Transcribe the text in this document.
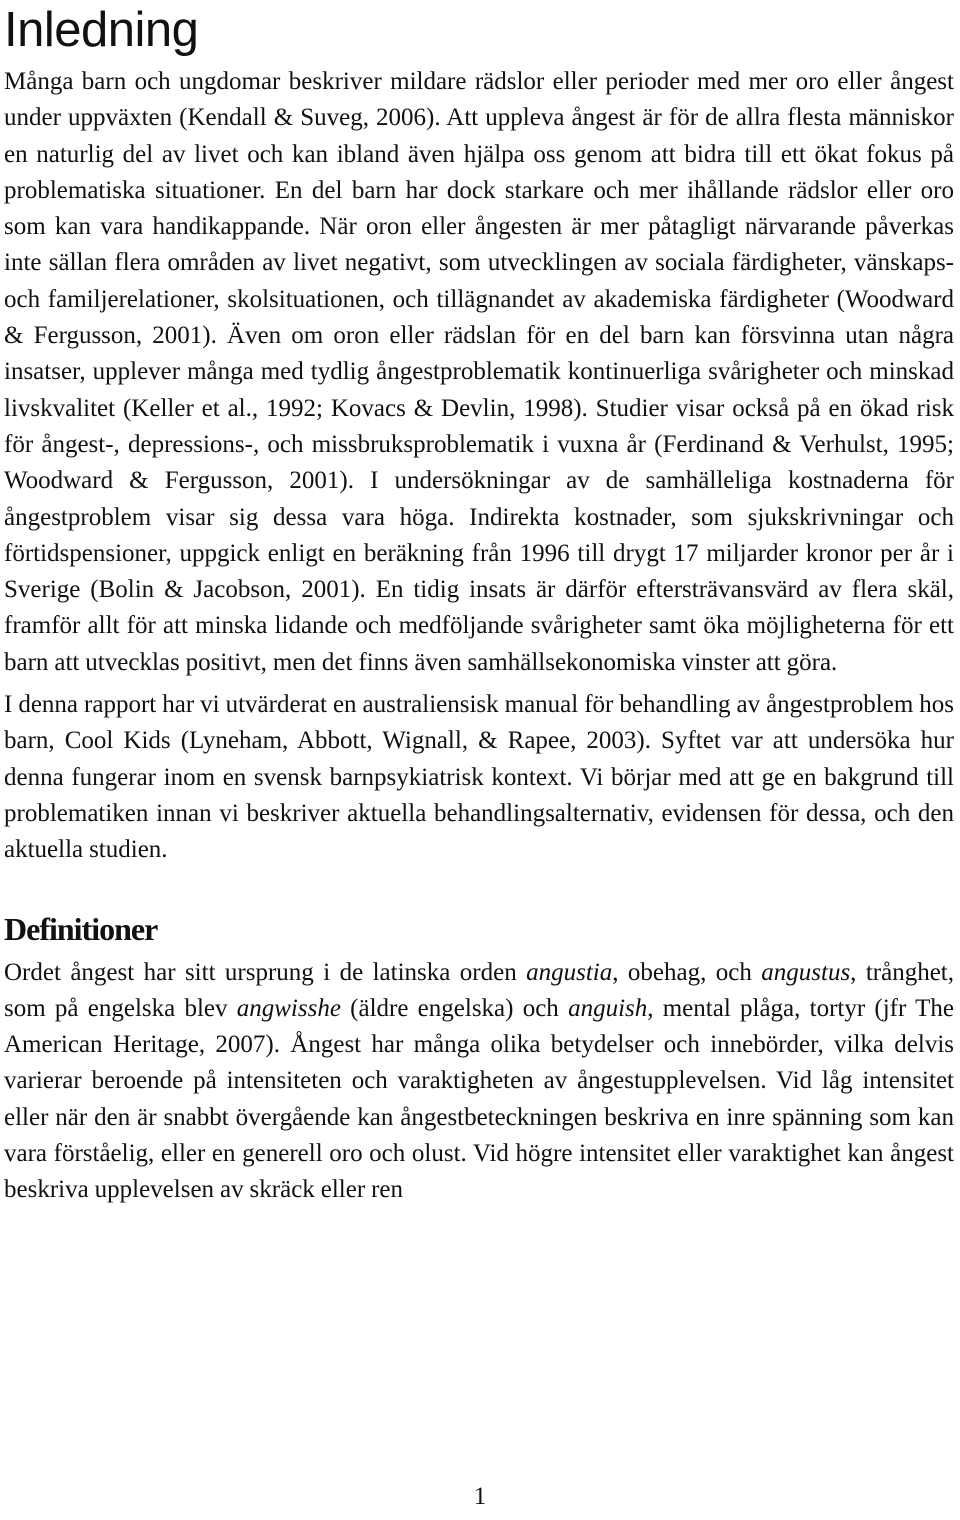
Inledning

Många barn och ungdomar beskriver mildare rädslor eller perioder med mer oro eller ångest under uppväxten (Kendall & Suveg, 2006). Att uppleva ångest är för de allra flesta människor en naturlig del av livet och kan ibland även hjälpa oss genom att bidra till ett ökat fokus på problematiska situationer. En del barn har dock starkare och mer ihållande rädslor eller oro som kan vara handikappande. När oron eller ångesten är mer påtagligt närvarande påverkas inte sällan flera områden av livet negativt, som utvecklingen av sociala färdigheter, vänskaps- och familjerelationer, skolsituationen, och tillägnandet av akademiska färdigheter (Woodward & Fergusson, 2001). Även om oron eller rädslan för en del barn kan försvinna utan några insatser, upplever många med tydlig ångestproblematik kontinuerliga svårigheter och minskad livskvalitet (Keller et al., 1992; Kovacs & Devlin, 1998). Studier visar också på en ökad risk för ångest-, depressions-, och missbruksproblematik i vuxna år (Ferdinand & Verhulst, 1995; Woodward & Fergusson, 2001). I undersökningar av de samhälleliga kostnaderna för ångestproblem visar sig dessa vara höga. Indirekta kostnader, som sjukskrivningar och förtidspensioner, uppgick enligt en beräkning från 1996 till drygt 17 miljarder kronor per år i Sverige (Bolin & Jacobson, 2001). En tidig insats är därför eftersträvansvärd av flera skäl, framför allt för att minska lidande och medföljande svårigheter samt öka möjligheterna för ett barn att utvecklas positivt, men det finns även samhällsekonomiska vinster att göra.

I denna rapport har vi utvärderat en australiensisk manual för behandling av ångestproblem hos barn, Cool Kids (Lyneham, Abbott, Wignall, & Rapee, 2003). Syftet var att undersöka hur denna fungerar inom en svensk barnpsykiatrisk kontext. Vi börjar med att ge en bakgrund till problematiken innan vi beskriver aktuella behandlingsalternativ, evidensen för dessa, och den aktuella studien.

Definitioner

Ordet ångest har sitt ursprung i de latinska orden angustia, obehag, och angustus, trånghet, som på engelska blev angwisshe (äldre engelska) och anguish, mental plåga, tortyr (jfr The American Heritage, 2007). Ångest har många olika betydelser och innebörder, vilka delvis varierar beroende på intensiteten och varaktigheten av ångestupplevelsen. Vid låg intensitet eller när den är snabbt övergående kan ångestbeteckningen beskriva en inre spänning som kan vara förståelig, eller en generell oro och olust. Vid högre intensitet eller varaktighet kan ångest beskriva upplevelsen av skräck eller ren

1
